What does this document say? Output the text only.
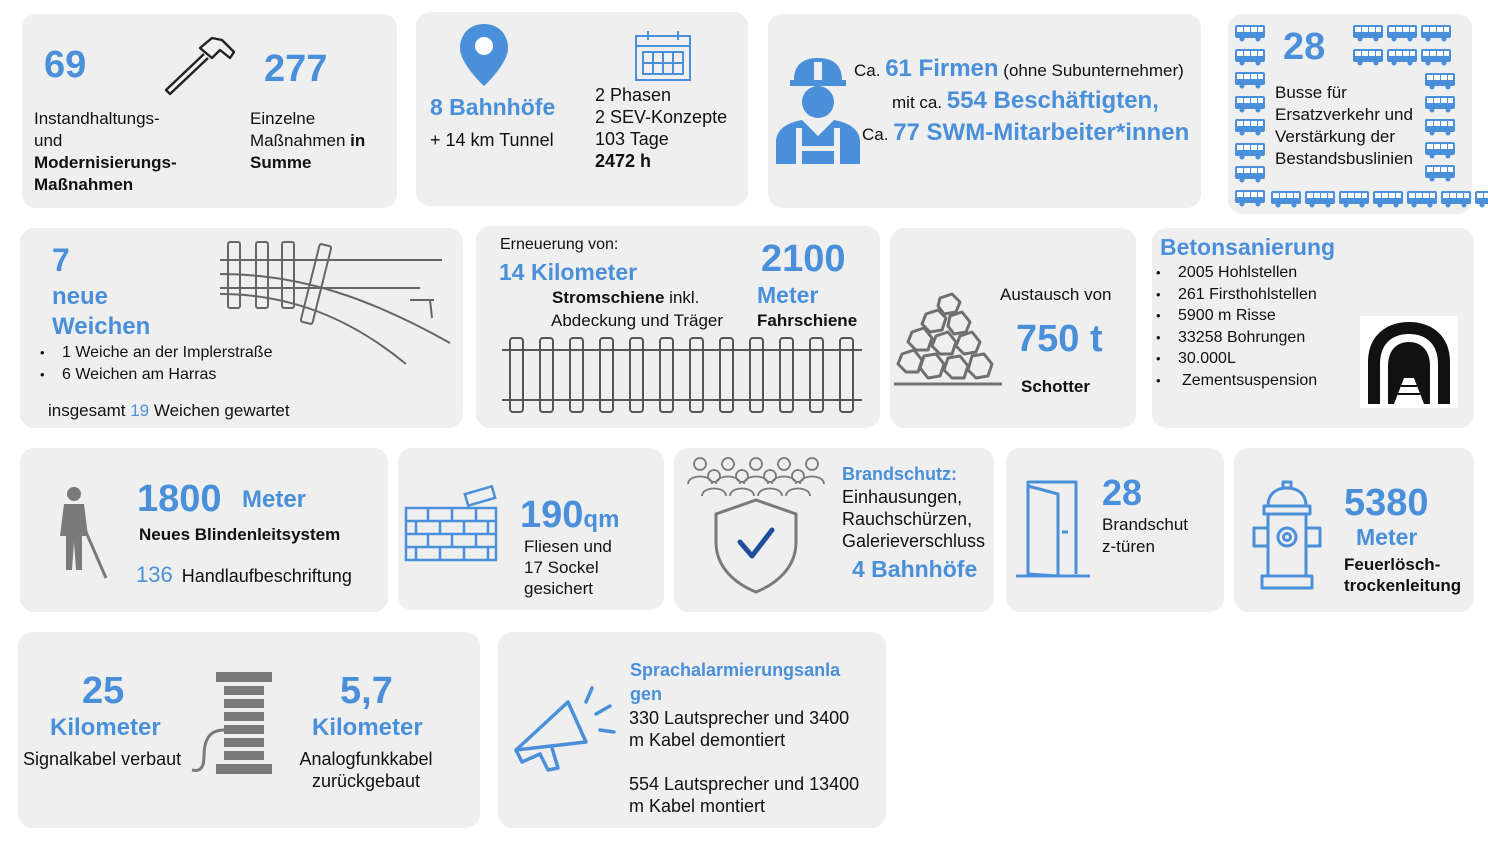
69
Instandhaltungs-
und
Modernisierungs-
Maßnahmen
277
Einzelne
Maßnahmen in
Summe
8 Bahnhöfe
+ 14 km Tunnel
2 Phasen
2 SEV-Konzepte
103 Tage
2472 h
Ca. 61 Firmen (ohne Subunternehmer)
mit ca. 554 Beschäftigten,
Ca. 77 SWM-Mitarbeiter*innen
28
Busse für
Ersatzverkehr und
Verstärkung der
Bestandsbuslinien
7
neue
Weichen
• 1 Weiche an der Implerstraße
• 6 Weichen am Harras
insgesamt 19 Weichen gewartet
Erneuerung von:
14 Kilometer
Stromschiene inkl.
Abdeckung und Träger
2100
Meter
Fahrschiene
Austausch von
750 t
Schotter
Betonsanierung
• 2005 Hohlstellen
• 261 Firsthohlstellen
• 5900 m Risse
• 33258 Bohrungen
• 30.000L
• Zementsuspension
1800 Meter
Neues Blindenleitsystem
136 Handlaufbeschriftung
190qm
Fliesen und
17 Sockel
gesichert
Brandschutz:
Einhausungen,
Rauchschürzen,
Galerieverschluss
4 Bahnhöfe
28
Brandschut
z-türen
5380
Meter
Feuerlösch-
trockenleitung
25
Kilometer
Signalkabel verbaut
5,7
Kilometer
Analogfunkkabel
zurückgebaut
Sprachalarmierungsanla
gen
330 Lautsprecher und 3400
m Kabel demontiert
554 Lautsprecher und 13400
m Kabel montiert
